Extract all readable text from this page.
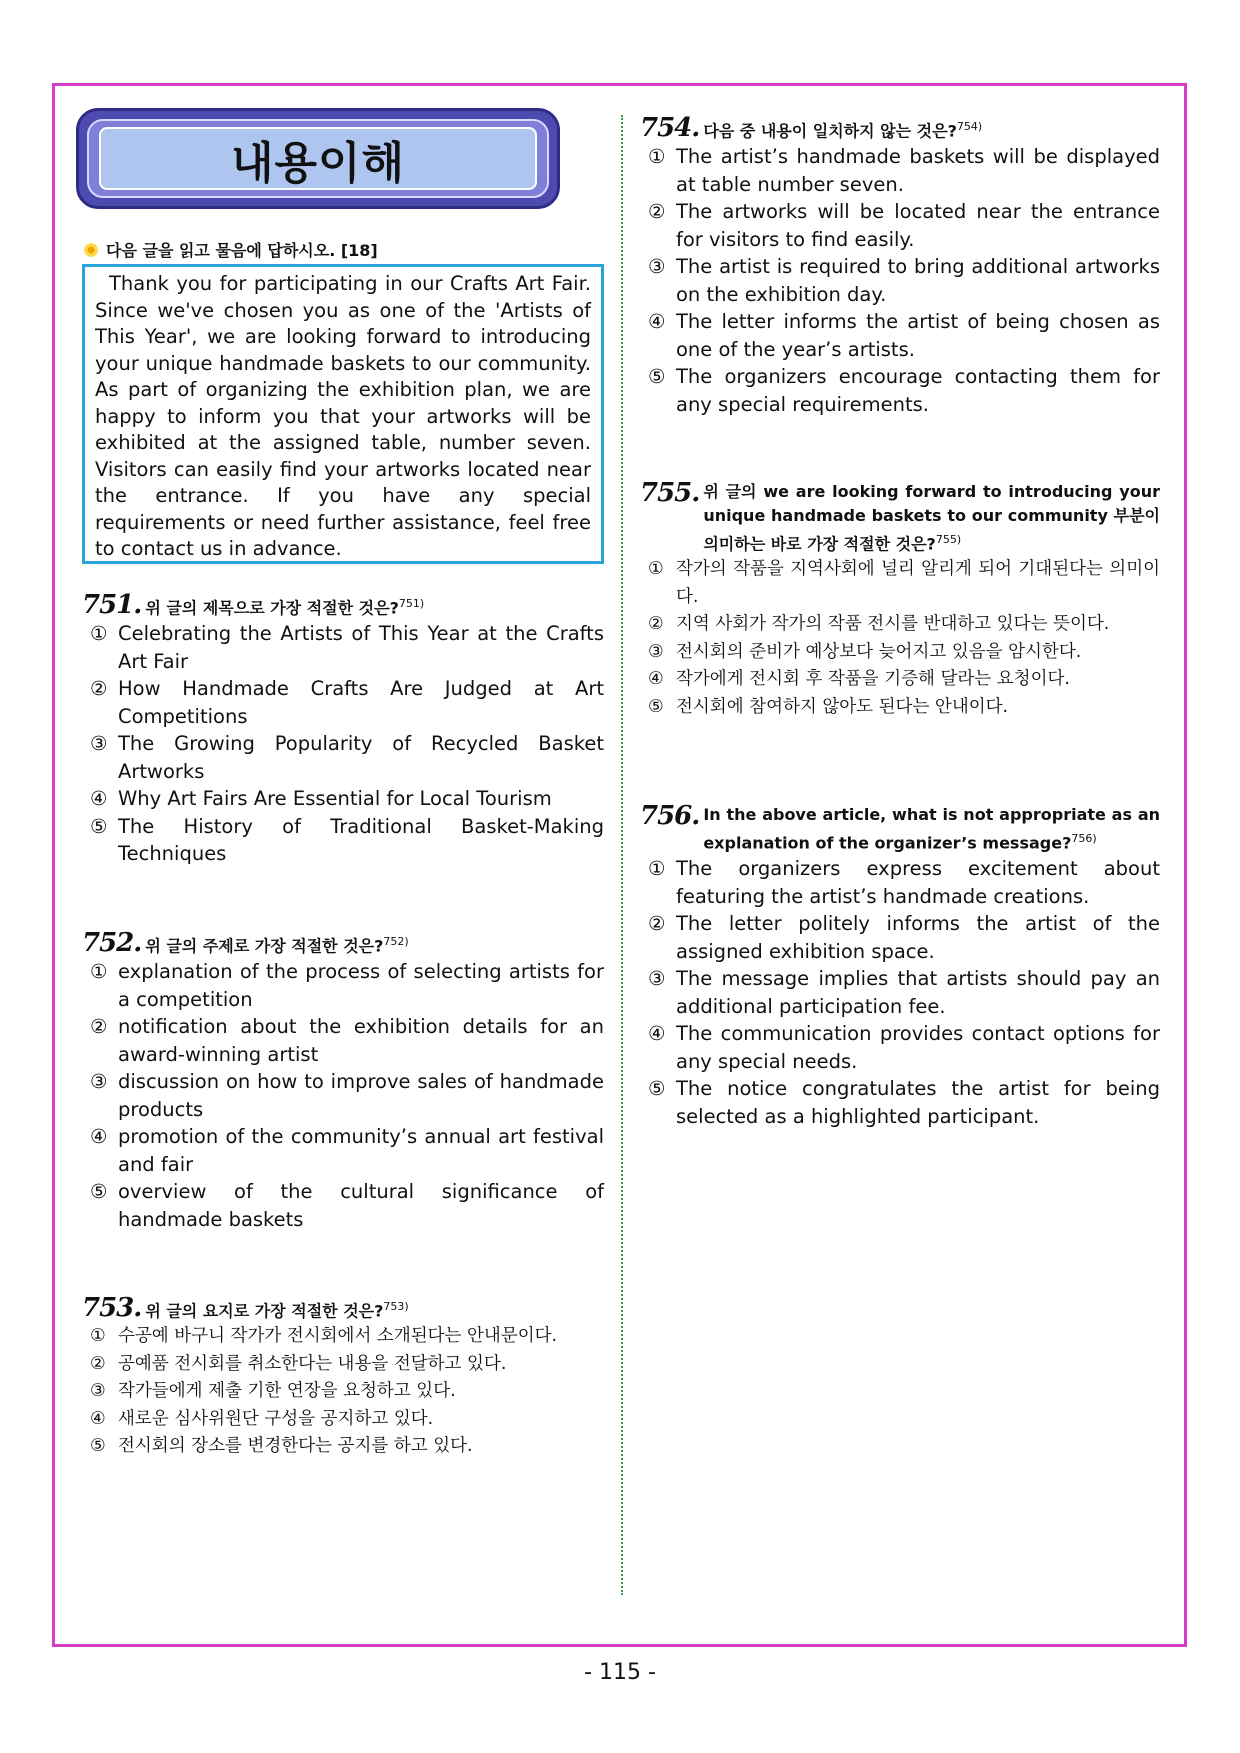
내용이해
다음 글을 읽고 물음에 답하시오. [18]
Thank you for participating in our Crafts Art Fair. Since we've chosen you as one of the 'Artists of This Year', we are looking forward to introducing your unique handmade baskets to our community. As part of organizing the exhibition plan, we are happy to inform you that your artworks will be exhibited at the assigned table, number seven. Visitors can easily find your artworks located near the entrance. If you have any special requirements or need further assistance, feel free to contact us in advance.
751. 위 글의 제목으로 가장 적절한 것은?$^{751)}$
① Celebrating the Artists of This Year at the Crafts Art Fair
② How Handmade Crafts Are Judged at Art Competitions
③ The Growing Popularity of Recycled Basket Artworks
④ Why Art Fairs Are Essential for Local Tourism
⑤ The History of Traditional Basket-Making Techniques
752. 위 글의 주제로 가장 적절한 것은?$^{752)}$
① explanation of the process of selecting artists for a competition
② notification about the exhibition details for an award-winning artist
③ discussion on how to improve sales of handmade products
④ promotion of the community’s annual art festival and fair
⑤ overview of the cultural significance of handmade baskets
753. 위 글의 요지로 가장 적절한 것은?$^{753)}$
① 수공예 바구니 작가가 전시회에서 소개된다는 안내문이다.
② 공예품 전시회를 취소한다는 내용을 전달하고 있다.
③ 작가들에게 제출 기한 연장을 요청하고 있다.
④ 새로운 심사위원단 구성을 공지하고 있다.
⑤ 전시회의 장소를 변경한다는 공지를 하고 있다.
754. 다음 중 내용이 일치하지 않는 것은?$^{754)}$
① The artist’s handmade baskets will be displayed at table number seven.
② The artworks will be located near the entrance for visitors to find easily.
③ The artist is required to bring additional artworks on the exhibition day.
④ The letter informs the artist of being chosen as one of the year’s artists.
⑤ The organizers encourage contacting them for any special requirements.
755. 위 글의 we are looking forward to introducing your unique handmade baskets to our community 부분이 의미하는 바로 가장 적절한 것은?$^{755)}$
① 작가의 작품을 지역사회에 널리 알리게 되어 기대된다는 의미이다.
② 지역 사회가 작가의 작품 전시를 반대하고 있다는 뜻이다.
③ 전시회의 준비가 예상보다 늦어지고 있음을 암시한다.
④ 작가에게 전시회 후 작품을 기증해 달라는 요청이다.
⑤ 전시회에 참여하지 않아도 된다는 안내이다.
756. In the above article, what is not appropriate as an explanation of the organizer’s message?$^{756)}$
① The organizers express excitement about featuring the artist’s handmade creations.
② The letter politely informs the artist of the assigned exhibition space.
③ The message implies that artists should pay an additional participation fee.
④ The communication provides contact options for any special needs.
⑤ The notice congratulates the artist for being selected as a highlighted participant.
- 115 -
